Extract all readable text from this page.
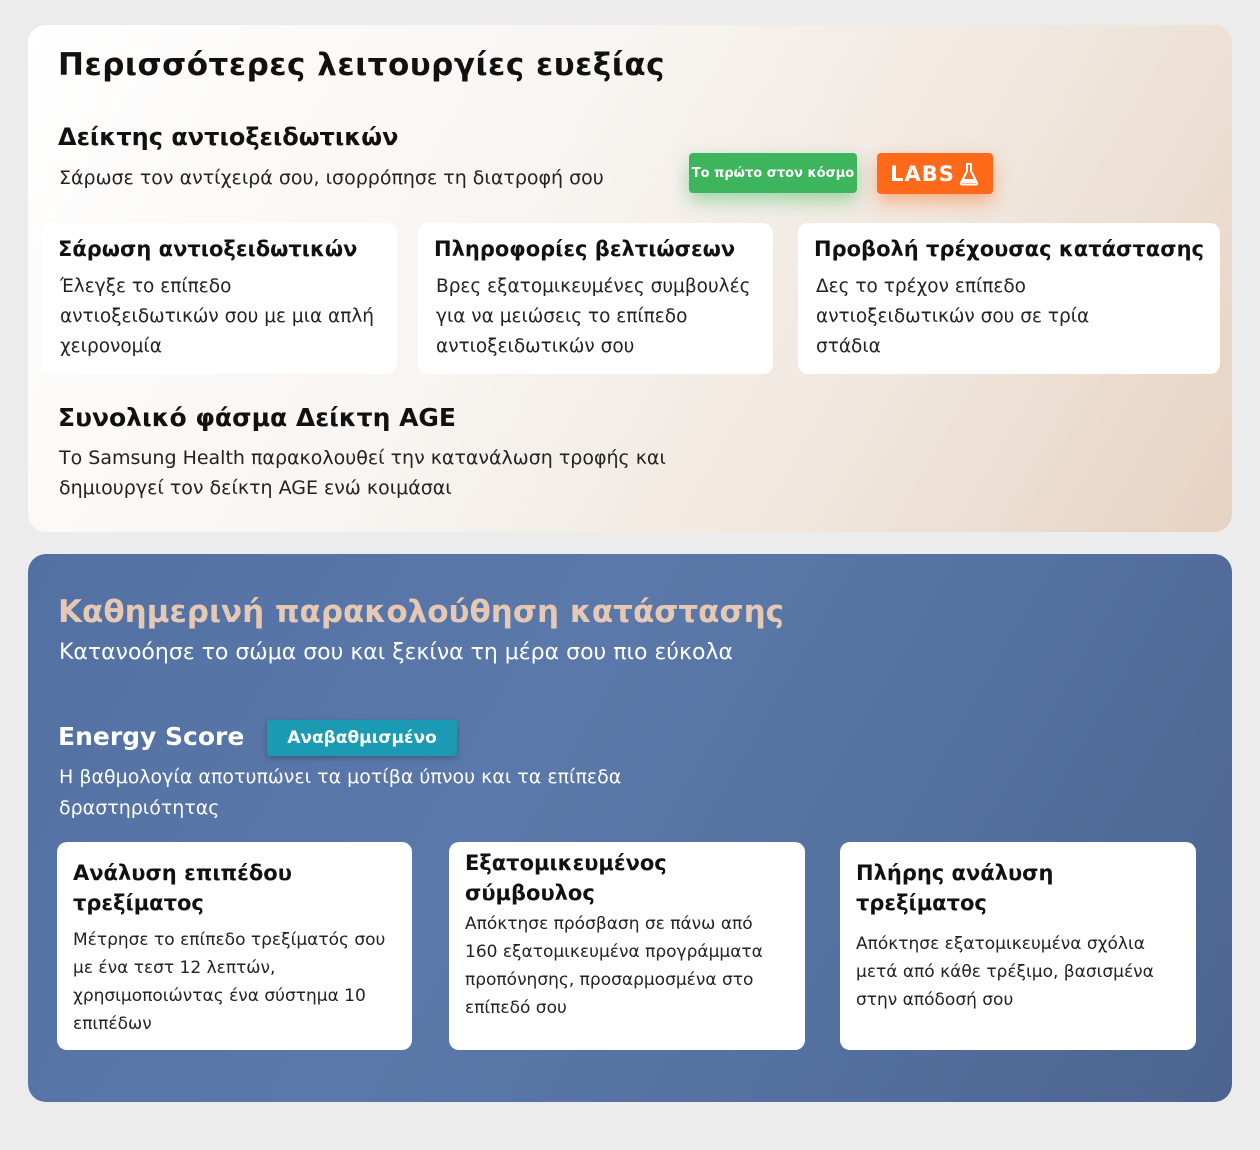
Περισσότερες λειτουργίες ευεξίας
Δείκτης αντιοξειδωτικών
Σάρωσε τον αντίχειρά σου, ισορρόπησε τη διατροφή σου	Το πρώτο στον κόσμο LABS
Σάρωση αντιοξειδωτικών
Έλεγξε το επίπεδο αντιοξειδωτικών σου με μια απλή χειρονομία
Πληροφορίες βελτιώσεων
Βρες εξατομικευμένες συμβουλές για να μειώσεις το επίπεδο αντιοξειδωτικών σου
Προβολή τρέχουσας κατάστασης
Δες το τρέχον επίπεδο αντιοξειδωτικών σου σε τρία στάδια
Συνολικό φάσμα Δείκτη AGE
Το Samsung Health παρακολουθεί την κατανάλωση τροφής και δημιουργεί τον δείκτη AGE ενώ κοιμάσαι
Καθημερινή παρακολούθηση κατάστασης
Κατανοόησε το σώμα σου και ξεκίνα τη μέρα σου πιο εύκολα
Energy Score	Αναβαθμισμένο
Η βαθμολογία αποτυπώνει τα μοτίβα ύπνου και τα επίπεδα δραστηριότητας
Ανάλυση επιπέδου τρεξίματος
Μέτρησε το επίπεδο τρεξίματός σου με ένα τεστ 12 λεπτών, χρησιμοποιώντας ένα σύστημα 10 επιπέδων
Εξατομικευμένος σύμβουλος
Απόκτησε πρόσβαση σε πάνω από 160 εξατομικευμένα προγράμματα προπόνησης, προσαρμοσμένα στο επίπεδό σου
Πλήρης ανάλυση τρεξίματος
Απόκτησε εξατομικευμένα σχόλια μετά από κάθε τρέξιμο, βασισμένα στην απόδοσή σου
